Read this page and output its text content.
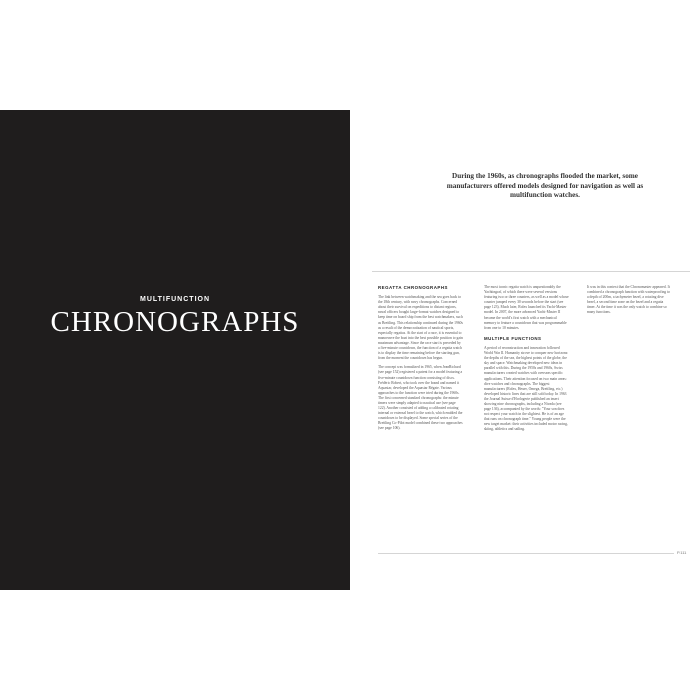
MULTIFUNCTION
CHRONOGRAPHS
During the 1960s, as chronographs flooded the market, some manufacturers offered models designed for navigation as well as multifunction watches.
REGATTA CHRONOGRAPHS

The link between watchmaking and the sea goes back to the 18th century, with navy chronographs. Concerned about their survival on expeditions to distant regions, naval officers bought large-format watches designed to keep time on board ship from the best watchmakers, such as Breitling. This relationship continued during the 1960s as a result of the democratization of nautical sports, especially regattas. At the start of a race, it is essential to manoeuvre the boat into the best possible position to gain maximum advantage. Since the race start is preceded by a five-minute countdown, the function of a regatta watch is to display the time remaining before the starting gun, from the moment the countdown has begun.

The concept was formalized in 1965, when JeanRichard (see page 152) registered a patent for a model featuring a five-minute countdown function consisting of discs. Frédéric Robert, who took over the brand and named it Aquastar, developed the Aquastar Régate. Various approaches to the function were tried during the 1960s. The first concerned standard chronographs: the minute timers were simply adapted to nautical use (see page 122). Another consisted of adding a calibrated rotating internal or external bezel to the watch, which enabled the countdown to be displayed. Some special series of the Breitling Co-Pilot model combined these two approaches (see page 106).

The most iconic regatta watch is unquestionably the Yachtingraf, of which there were several versions featuring two or three counters, as well as a model whose counter jumped every 30 seconds before the start (see page 123). Much later, Rolex launched its Yacht-Master model. In 2007, the more advanced Yacht-Master II became the world's first watch with a mechanical memory to feature a countdown that was programmable from one to 10 minutes.

MULTIPLE FUNCTIONS

A period of reconstruction and innovation followed World War II. Humanity strove to conquer new horizons: the depths of the sea, the highest points of the globe, the sky and space. Watchmaking developed new ideas in parallel with this. During the 1950s and 1960s, Swiss manufacturers created watches with overseas specific applications. Their attention focused on two main areas: dive watches and chronographs. The biggest manufacturers (Rolex, Heuer, Omega, Breitling, etc.) developed historic lines that are still sold today. In 1963 the Journal Suisse d'Horlogerie published an insert showing nine chronographs, including a Nivada (see page 136), accompanied by the words: "Your son does not respect your watch in the slightest. He is of an age that runs on chronograph time." Young people were the new target market: their activities included motor racing, skiing, athletics and sailing.

It was in this context that the Chronomaster appeared. It combined a chronograph function with waterproofing to a depth of 200m, a tachymeter bezel, a rotating dive bezel, a second time zone on the bezel and a regatta timer. At the time it was the only watch to combine so many functions.

P.111
